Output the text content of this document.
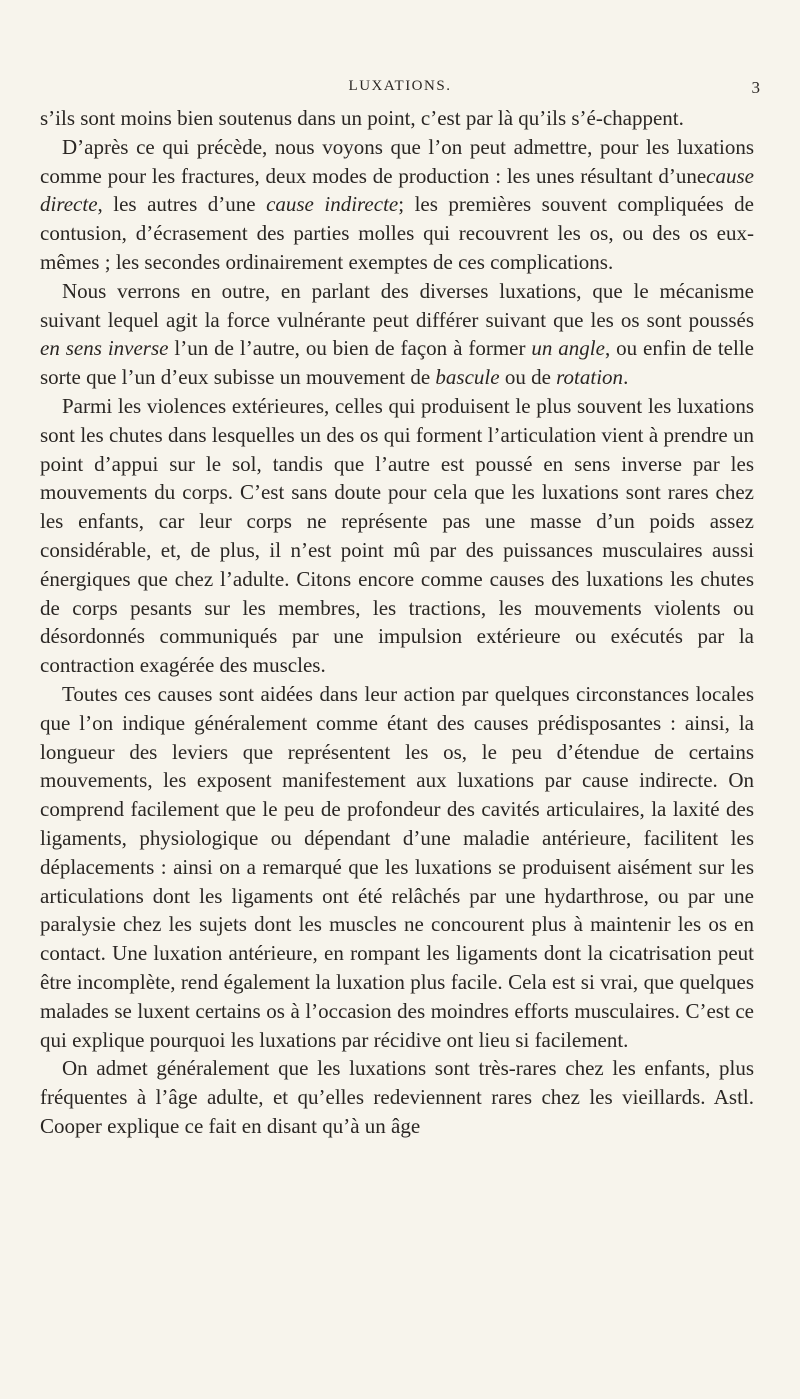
LUXATIONS.	3

s’ils sont moins bien soutenus dans un point, c’est par là qu’ils s’é-chappent.

D’après ce qui précède, nous voyons que l’on peut admettre, pour les luxations comme pour les fractures, deux modes de production : les unes résultant d’unecause directe, les autres d’une cause indirecte; les premières souvent compliquées de contusion, d’écrasement des parties molles qui recouvrent les os, ou des os eux-mêmes ; les secondes ordinairement exemptes de ces complications.

Nous verrons en outre, en parlant des diverses luxations, que le mécanisme suivant lequel agit la force vulnérante peut différer suivant que les os sont poussés en sens inverse l’un de l’autre, ou bien de façon à former un angle, ou enfin de telle sorte que l’un d’eux subisse un mouvement de bascule ou de rotation.

Parmi les violences extérieures, celles qui produisent le plus souvent les luxations sont les chutes dans lesquelles un des os qui forment l’articulation vient à prendre un point d’appui sur le sol, tandis que l’autre est poussé en sens inverse par les mouvements du corps. C’est sans doute pour cela que les luxations sont rares chez les enfants, car leur corps ne représente pas une masse d’un poids assez considérable, et, de plus, il n’est point mû par des puissances musculaires aussi énergiques que chez l’adulte. Citons encore comme causes des luxations les chutes de corps pesants sur les membres, les tractions, les mouvements violents ou désordonnés communiqués par une impulsion extérieure ou exécutés par la contraction exagérée des muscles.

Toutes ces causes sont aidées dans leur action par quelques circonstances locales que l’on indique généralement comme étant des causes prédisposantes : ainsi, la longueur des leviers que représentent les os, le peu d’étendue de certains mouvements, les exposent manifestement aux luxations par cause indirecte. On comprend facilement que le peu de profondeur des cavités articulaires, la laxité des ligaments, physiologique ou dépendant d’une maladie antérieure, facilitent les déplacements : ainsi on a remarqué que les luxations se produisent aisément sur les articulations dont les ligaments ont été relâchés par une hydarthrose, ou par une paralysie chez les sujets dont les muscles ne concourent plus à maintenir les os en contact. Une luxation antérieure, en rompant les ligaments dont la cicatrisation peut être incomplète, rend également la luxation plus facile. Cela est si vrai, que quelques malades se luxent certains os à l’occasion des moindres efforts musculaires. C’est ce qui explique pourquoi les luxations par récidive ont lieu si facilement.

On admet généralement que les luxations sont très-rares chez les enfants, plus fréquentes à l’âge adulte, et qu’elles redeviennent rares chez les vieillards. Astl. Cooper explique ce fait en disant qu’à un âge
